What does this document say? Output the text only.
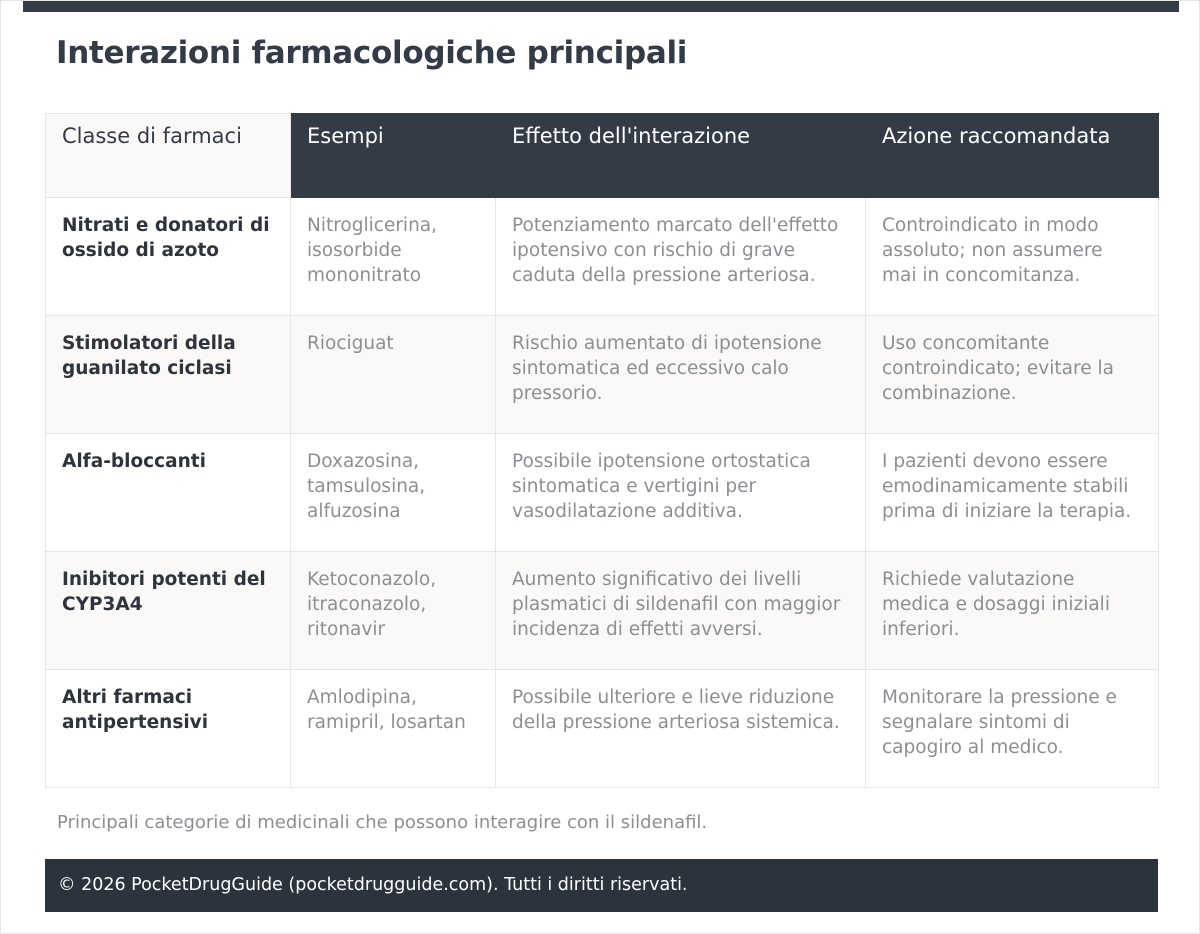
Interazioni farmacologiche principali
Classe di farmaci	Esempi	Effetto dell'interazione	Azione raccomandata
Nitrati e donatori di ossido di azoto	Nitroglicerina, isosorbide mononitrato	Potenziamento marcato dell'effetto ipotensivo con rischio di grave caduta della pressione arteriosa.	Controindicato in modo assoluto; non assumere mai in concomitanza.
Stimolatori della guanilato ciclasi	Riociguat	Rischio aumentato di ipotensione sintomatica ed eccessivo calo pressorio.	Uso concomitante controindicato; evitare la combinazione.
Alfa-bloccanti	Doxazosina, tamsulosina, alfuzosina	Possibile ipotensione ortostatica sintomatica e vertigini per vasodilatazione additiva.	I pazienti devono essere emodinamicamente stabili prima di iniziare la terapia.
Inibitori potenti del CYP3A4	Ketoconazolo, itraconazolo, ritonavir	Aumento significativo dei livelli plasmatici di sildenafil con maggior incidenza di effetti avversi.	Richiede valutazione medica e dosaggi iniziali inferiori.
Altri farmaci antipertensivi	Amlodipina, ramipril, losartan	Possibile ulteriore e lieve riduzione della pressione arteriosa sistemica.	Monitorare la pressione e segnalare sintomi di capogiro al medico.
Principali categorie di medicinali che possono interagire con il sildenafil.
© 2026 PocketDrugGuide (pocketdrugguide.com). Tutti i diritti riservati.
